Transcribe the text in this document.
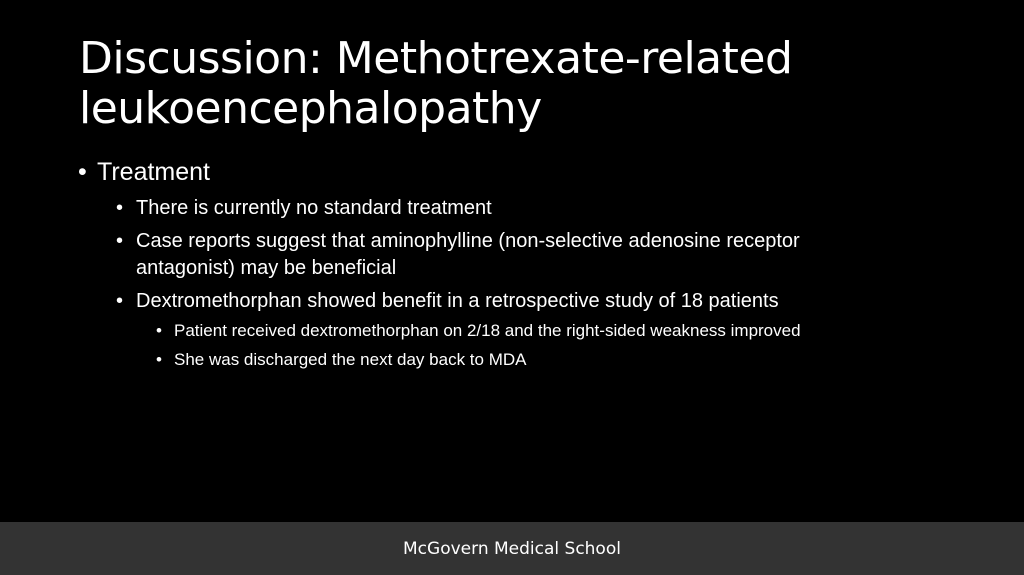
Discussion: Methotrexate-related
leukoencephalopathy
• Treatment
• There is currently no standard treatment
• Case reports suggest that aminophylline (non-selective adenosine receptor
antagonist) may be beneficial
• Dextromethorphan showed benefit in a retrospective study of 18 patients
• Patient received dextromethorphan on 2/18 and the right-sided weakness improved
• She was discharged the next day back to MDA
McGovern Medical School
